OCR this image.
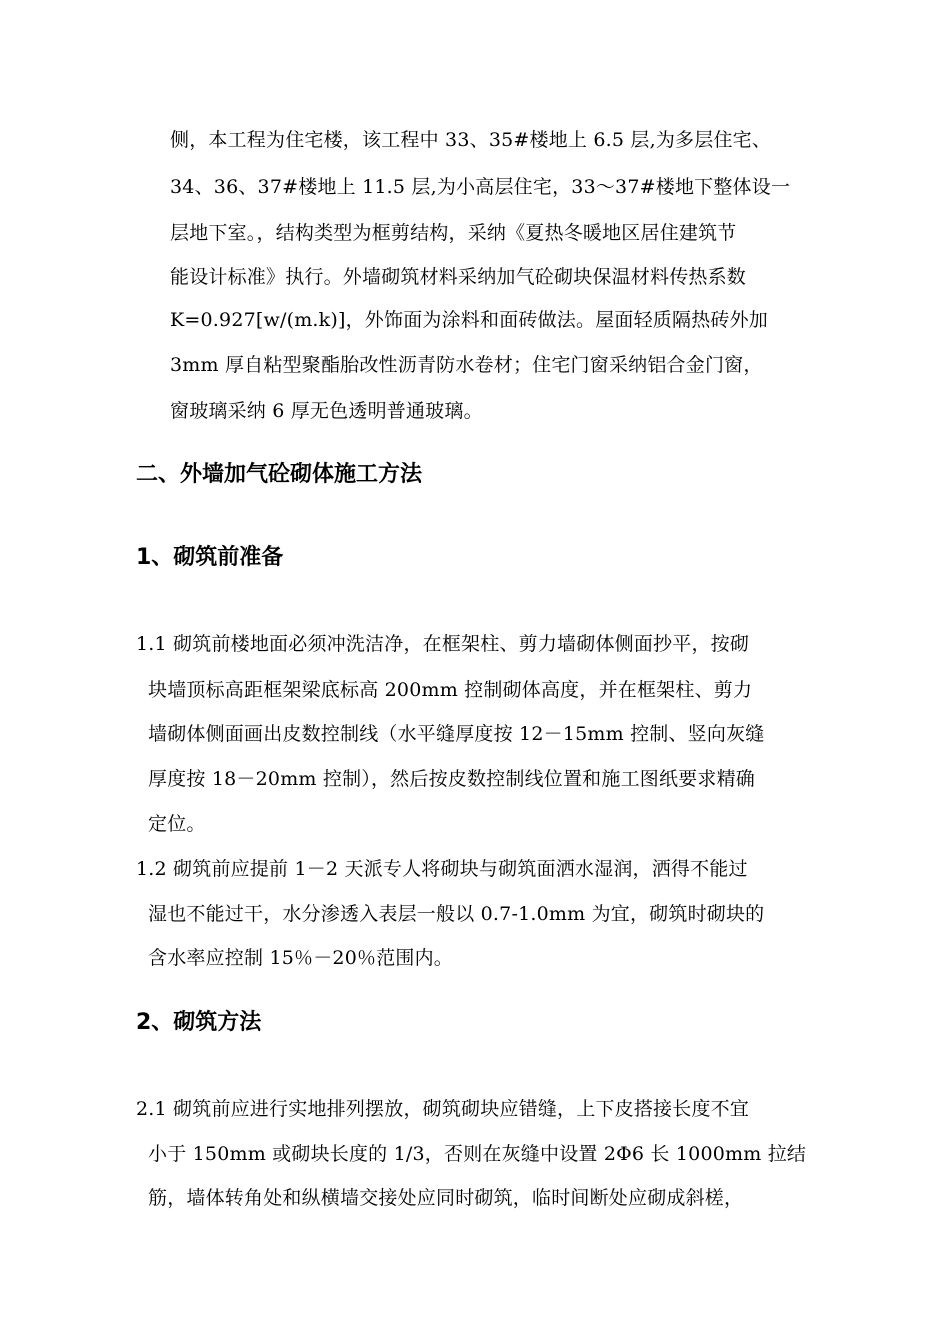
侧，本工程为住宅楼，该工程中 33、35#楼地上 6.5 层,为多层住宅、
34、36、37#楼地上 11.5 层,为小高层住宅，33～37#楼地下整体设一
层地下室。，结构类型为框剪结构，采纳《夏热冬暖地区居住建筑节
能设计标准》执行。外墙砌筑材料采纳加气砼砌块保温材料传热系数
K=0.927[w/(m.k)]，外饰面为涂料和面砖做法。屋面轻质隔热砖外加
3mm 厚自粘型聚酯胎改性沥青防水卷材；住宅门窗采纳铝合金门窗，
窗玻璃采纳 6 厚无色透明普通玻璃。
二、外墙加气砼砌体施工方法
1、砌筑前准备
1.1 砌筑前楼地面必须冲洗洁净，在框架柱、剪力墙砌体侧面抄平，按砌
块墙顶标高距框架梁底标高 200mm 控制砌体高度，并在框架柱、剪力
墙砌体侧面画出皮数控制线（水平缝厚度按 12－15mm 控制、竖向灰缝
厚度按 18－20mm 控制），然后按皮数控制线位置和施工图纸要求精确
定位。
1.2 砌筑前应提前 1－2 天派专人将砌块与砌筑面洒水湿润，洒得不能过
湿也不能过干，水分渗透入表层一般以 0.7-1.0mm 为宜，砌筑时砌块的
含水率应控制 15％－20％范围内。
2、砌筑方法
2.1 砌筑前应进行实地排列摆放，砌筑砌块应错缝，上下皮搭接长度不宜
小于 150mm 或砌块长度的 1/3，否则在灰缝中设置 2Φ6 长 1000mm 拉结
筋，墙体转角处和纵横墙交接处应同时砌筑，临时间断处应砌成斜槎，
